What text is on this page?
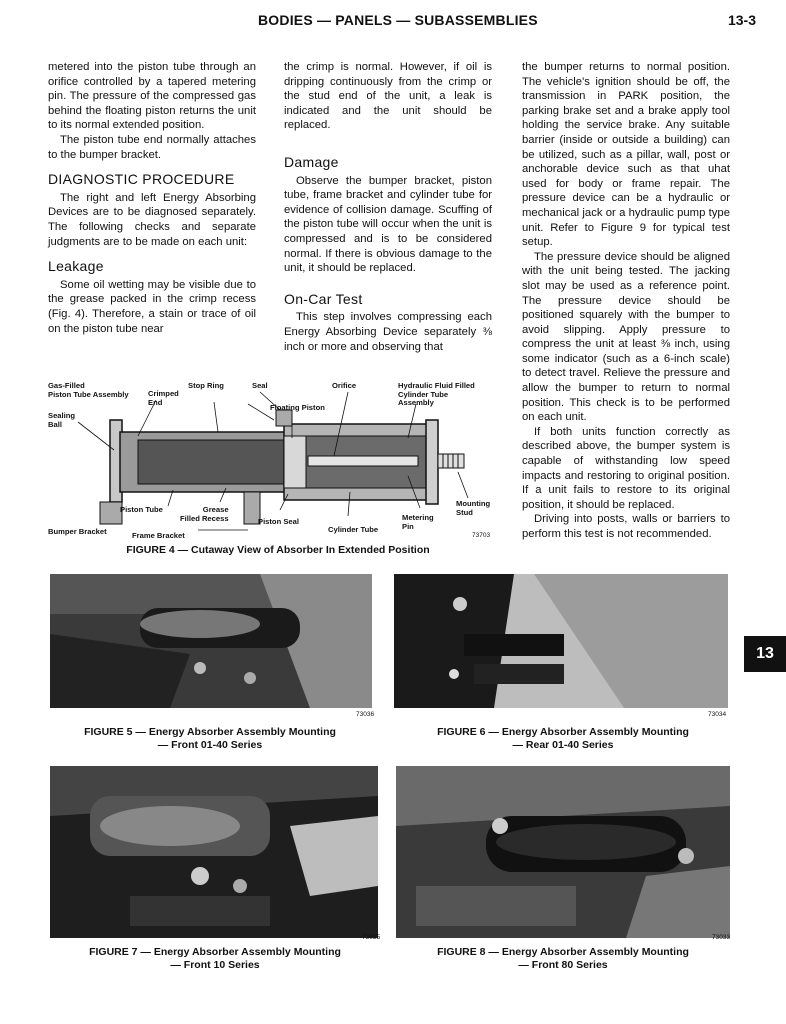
BODIES — PANELS — SUBASSEMBLIES	13-3
13

metered into the piston tube through an orifice controlled by a tapered metering pin. The pressure of the compressed gas behind the floating piston returns the unit to its normal extended position.

The piston tube end normally attaches to the bumper bracket.

DIAGNOSTIC PROCEDURE

The right and left Energy Absorbing Devices are to be diagnosed separately. The following checks and separate judgments are to be made on each unit:

Leakage

Some oil wetting may be visible due to the grease packed in the crimp recess (Fig. 4). Therefore, a stain or trace of oil on the piston tube near

the crimp is normal. However, if oil is dripping continuously from the crimp or the stud end of the unit, a leak is indicated and the unit should be replaced.

Damage

Observe the bumper bracket, piston tube, frame bracket and cylinder tube for evidence of collision damage. Scuffing of the piston tube will occur when the unit is compressed and is to be considered normal. If there is obvious damage to the unit, it should be replaced.

On-Car Test

This step involves compressing each Energy Absorbing Device separately ⅜ inch or more and observing that

the bumper returns to normal position. The vehicle's ignition should be off, the transmission in PARK position, the parking brake set and a brake apply tool holding the service brake. Any suitable barrier (inside or outside a building) can be utilized, such as a pillar, wall, post or anchorable device such as that uhat used for body or frame repair. The pressure device can be a hydraulic or mechanical jack or a hydraulic pump type unit. Refer to Figure 9 for typical test setup.

The pressure device should be aligned with the unit being tested. The jacking slot may be used as a reference point. The pressure device should be positioned squarely with the bumper to avoid slipping. Apply pressure to compress the unit at least ⅜ inch, using some indicator (such as a 6-inch scale) to detect travel. Relieve the pressure and allow the bumper to return to normal position. This check is to be performed on each unit.

If both units function correctly as described above, the bumper system is capable of withstanding low speed impacts and restoring to original position. If a unit fails to restore to its original position, it should be replaced.

Driving into posts, walls or barriers to perform this test is not recommended.

Gas-Filled
Piston Tube Assembly	Crimped
End
Stop Ring	Seal	Orifice	Hydraulic Fluid Filled
Cylinder Tube
Assembly
Sealing
Ball
Floating Piston
Piston Tube	Grease
Filled Recess	Piston Seal
Cylinder Tube
Metering
Pin
Mounting
Stud
Bumper Bracket	Frame Bracket	73703
FIGURE 4 — Cutaway View of Absorber In Extended Position
73036
FIGURE 5 — Energy Absorber Assembly Mounting
— Front 01-40 Series
73034
FIGURE 6 — Energy Absorber Assembly Mounting
— Rear 01-40 Series
73035
FIGURE 7 — Energy Absorber Assembly Mounting
— Front 10 Series
73033
FIGURE 8 — Energy Absorber Assembly Mounting
— Front 80 Series
